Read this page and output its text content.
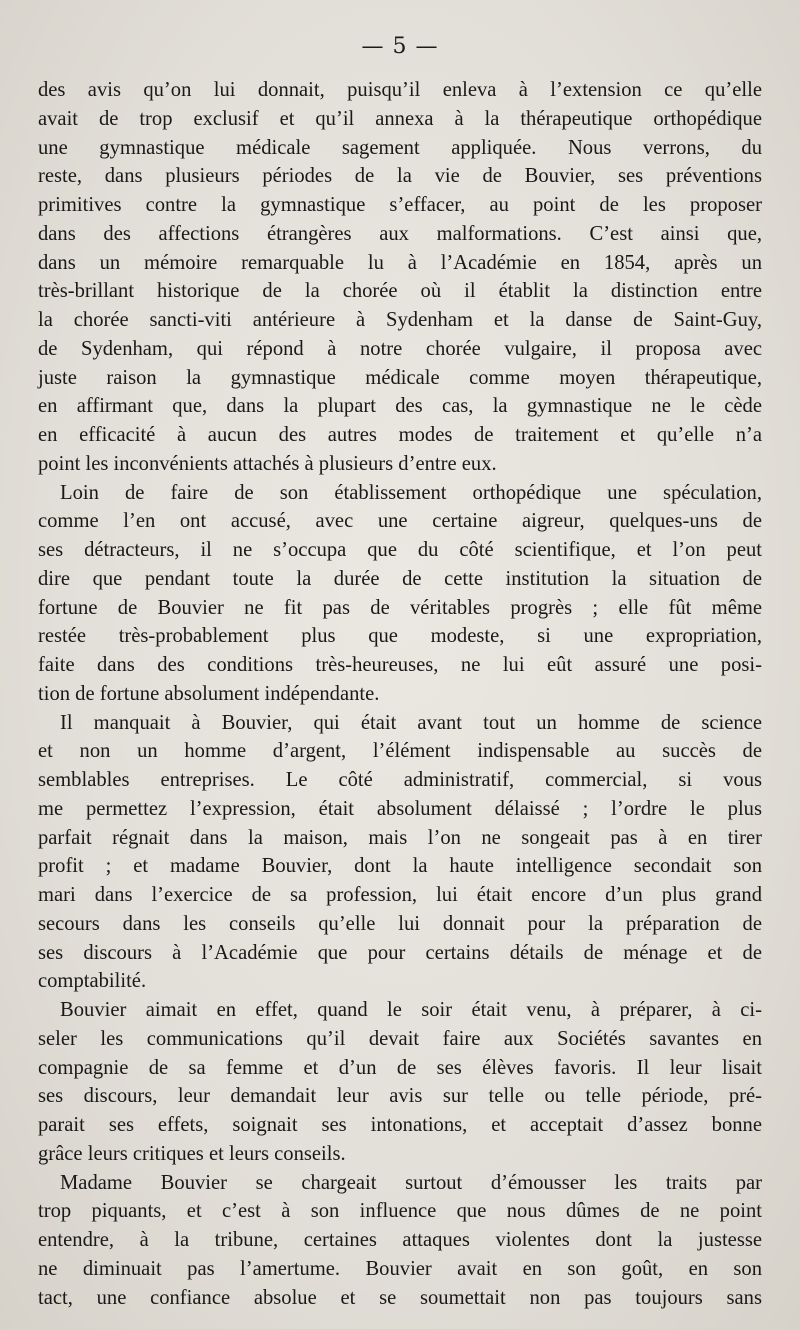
— 5 —
des avis qu’on lui donnait, puisqu’il enleva à l’extension ce qu’elle
avait de trop exclusif et qu’il annexa à la thérapeutique orthopédique
une gymnastique médicale sagement appliquée. Nous verrons, du
reste, dans plusieurs périodes de la vie de Bouvier, ses préventions
primitives contre la gymnastique s’effacer, au point de les proposer
dans des affections étrangères aux malformations. C’est ainsi que,
dans un mémoire remarquable lu à l’Académie en 1854, après un
très-brillant historique de la chorée où il établit la distinction entre
la chorée sancti-viti antérieure à Sydenham et la danse de Saint-Guy,
de Sydenham, qui répond à notre chorée vulgaire, il proposa avec
juste raison la gymnastique médicale comme moyen thérapeutique,
en affirmant que, dans la plupart des cas, la gymnastique ne le cède
en efficacité à aucun des autres modes de traitement et qu’elle n’a
point les inconvénients attachés à plusieurs d’entre eux.
Loin de faire de son établissement orthopédique une spéculation,
comme l’en ont accusé, avec une certaine aigreur, quelques-uns de
ses détracteurs, il ne s’occupa que du côté scientifique, et l’on peut
dire que pendant toute la durée de cette institution la situation de
fortune de Bouvier ne fit pas de véritables progrès ; elle fût même
restée très-probablement plus que modeste, si une expropriation,
faite dans des conditions très-heureuses, ne lui eût assuré une posi-
tion de fortune absolument indépendante.
Il manquait à Bouvier, qui était avant tout un homme de science
et non un homme d’argent, l’élément indispensable au succès de
semblables entreprises. Le côté administratif, commercial, si vous
me permettez l’expression, était absolument délaissé ; l’ordre le plus
parfait régnait dans la maison, mais l’on ne songeait pas à en tirer
profit ; et madame Bouvier, dont la haute intelligence secondait son
mari dans l’exercice de sa profession, lui était encore d’un plus grand
secours dans les conseils qu’elle lui donnait pour la préparation de
ses discours à l’Académie que pour certains détails de ménage et de
comptabilité.
Bouvier aimait en effet, quand le soir était venu, à préparer, à ci-
seler les communications qu’il devait faire aux Sociétés savantes en
compagnie de sa femme et d’un de ses élèves favoris. Il leur lisait
ses discours, leur demandait leur avis sur telle ou telle période, pré-
parait ses effets, soignait ses intonations, et acceptait d’assez bonne
grâce leurs critiques et leurs conseils.
Madame Bouvier se chargeait surtout d’émousser les traits par
trop piquants, et c’est à son influence que nous dûmes de ne point
entendre, à la tribune, certaines attaques violentes dont la justesse
ne diminuait pas l’amertume. Bouvier avait en son goût, en son
tact, une confiance absolue et se soumettait non pas toujours sans
